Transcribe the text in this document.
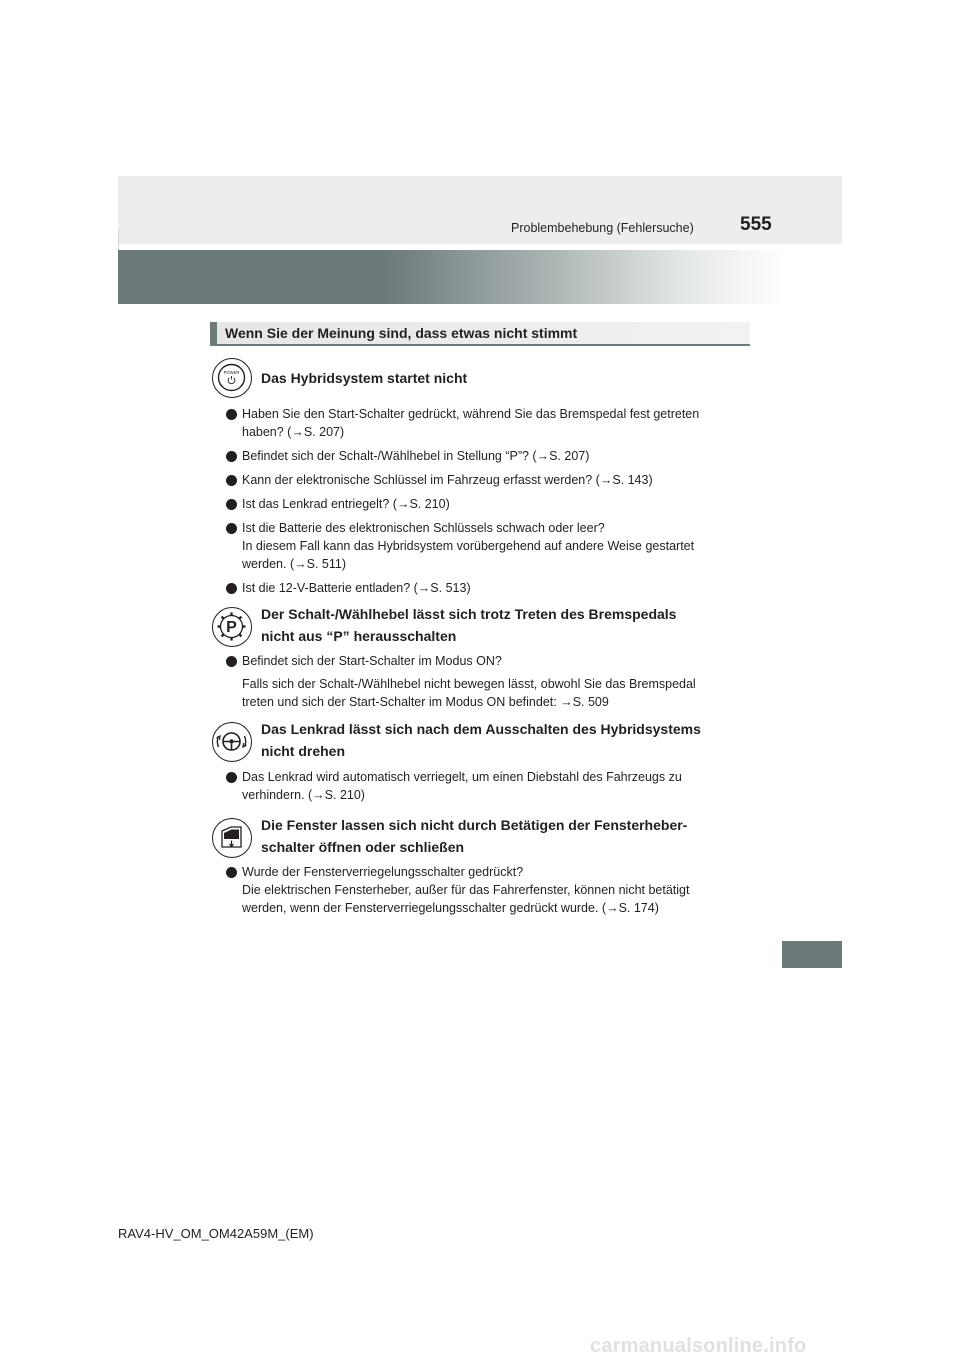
Problembehebung (Fehlersuche) 555
Wenn Sie der Meinung sind, dass etwas nicht stimmt
POWER Das Hybridsystem startet nicht
Haben Sie den Start-Schalter gedrückt, während Sie das Bremspedal fest getreten
haben? (→S. 207)
Befindet sich der Schalt-/Wählhebel in Stellung “P”? (→S. 207)
Kann der elektronische Schlüssel im Fahrzeug erfasst werden? (→S. 143)
Ist das Lenkrad entriegelt? (→S. 210)
Ist die Batterie des elektronischen Schlüssels schwach oder leer?
In diesem Fall kann das Hybridsystem vorübergehend auf andere Weise gestartet
werden. (→S. 511)
Ist die 12-V-Batterie entladen? (→S. 513)
P
Der Schalt-/Wählhebel lässt sich trotz Treten des Bremspedals
nicht aus “P” herausschalten
Befindet sich der Start-Schalter im Modus ON?
Falls sich der Schalt-/Wählhebel nicht bewegen lässt, obwohl Sie das Bremspedal
treten und sich der Start-Schalter im Modus ON befindet: →S. 509
Das Lenkrad lässt sich nach dem Ausschalten des Hybridsystems
nicht drehen
Das Lenkrad wird automatisch verriegelt, um einen Diebstahl des Fahrzeugs zu
verhindern. (→S. 210)
Die Fenster lassen sich nicht durch Betätigen der Fensterheber-
schalter öffnen oder schließen
Wurde der Fensterverriegelungsschalter gedrückt?
Die elektrischen Fensterheber, außer für das Fahrerfenster, können nicht betätigt
werden, wenn der Fensterverriegelungsschalter gedrückt wurde. (→S. 174)
RAV4-HV_OM_OM42A59M_(EM)
carmanualsonline.info
